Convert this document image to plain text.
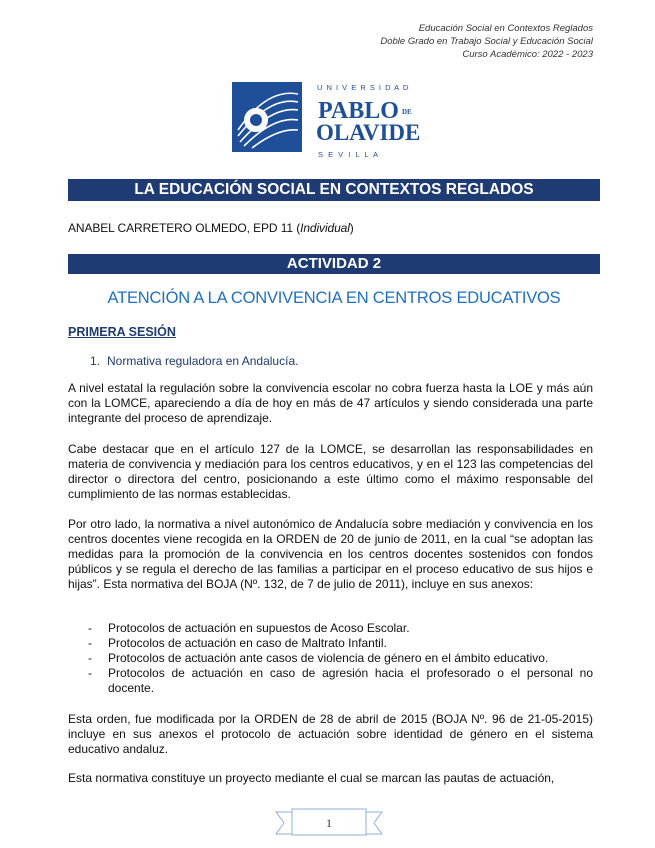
Educación Social en Contextos Reglados
Doble Grado en Trabajo Social y Educación Social
Curso Académico: 2022 - 2023
U N I V E R S I D A D
PABLO DE
OLAVIDE
S E V I L L A
LA EDUCACIÓN SOCIAL EN CONTEXTOS REGLADOS
ANABEL CARRETERO OLMEDO, EPD 11 (Individual)
ACTIVIDAD 2
ATENCIÓN A LA CONVIVENCIA EN CENTROS EDUCATIVOS
PRIMERA SESIÓN
1. Normativa reguladora en Andalucía.
A nivel estatal la regulación sobre la convivencia escolar no cobra fuerza hasta la LOE y más aún con la LOMCE, apareciendo a día de hoy en más de 47 artículos y siendo considerada una parte integrante del proceso de aprendizaje.
Cabe destacar que en el artículo 127 de la LOMCE, se desarrollan las responsabilidades en materia de convivencia y mediación para los centros educativos, y en el 123 las competencias del director o directora del centro, posicionando a este último como el máximo responsable del cumplimiento de las normas establecidas.
Por otro lado, la normativa a nivel autonómico de Andalucía sobre mediación y convivencia en los centros docentes viene recogida en la ORDEN de 20 de junio de 2011, en la cual “se adoptan las medidas para la promoción de la convivencia en los centros docentes sostenidos con fondos públicos y se regula el derecho de las familias a participar en el proceso educativo de sus hijos e hijas”. Esta normativa del BOJA (Nº. 132, de 7 de julio de 2011), incluye en sus anexos:
- Protocolos de actuación en supuestos de Acoso Escolar.
- Protocolos de actuación en caso de Maltrato Infantil.
- Protocolos de actuación ante casos de violencia de género en el ámbito educativo.
- Protocolos de actuación en caso de agresión hacia el profesorado o el personal no docente.
Esta orden, fue modificada por la ORDEN de 28 de abril de 2015 (BOJA Nº. 96 de 21-05-2015) incluye en sus anexos el protocolo de actuación sobre identidad de género en el sistema educativo andaluz.
Esta normativa constituye un proyecto mediante el cual se marcan las pautas de actuación,
1
